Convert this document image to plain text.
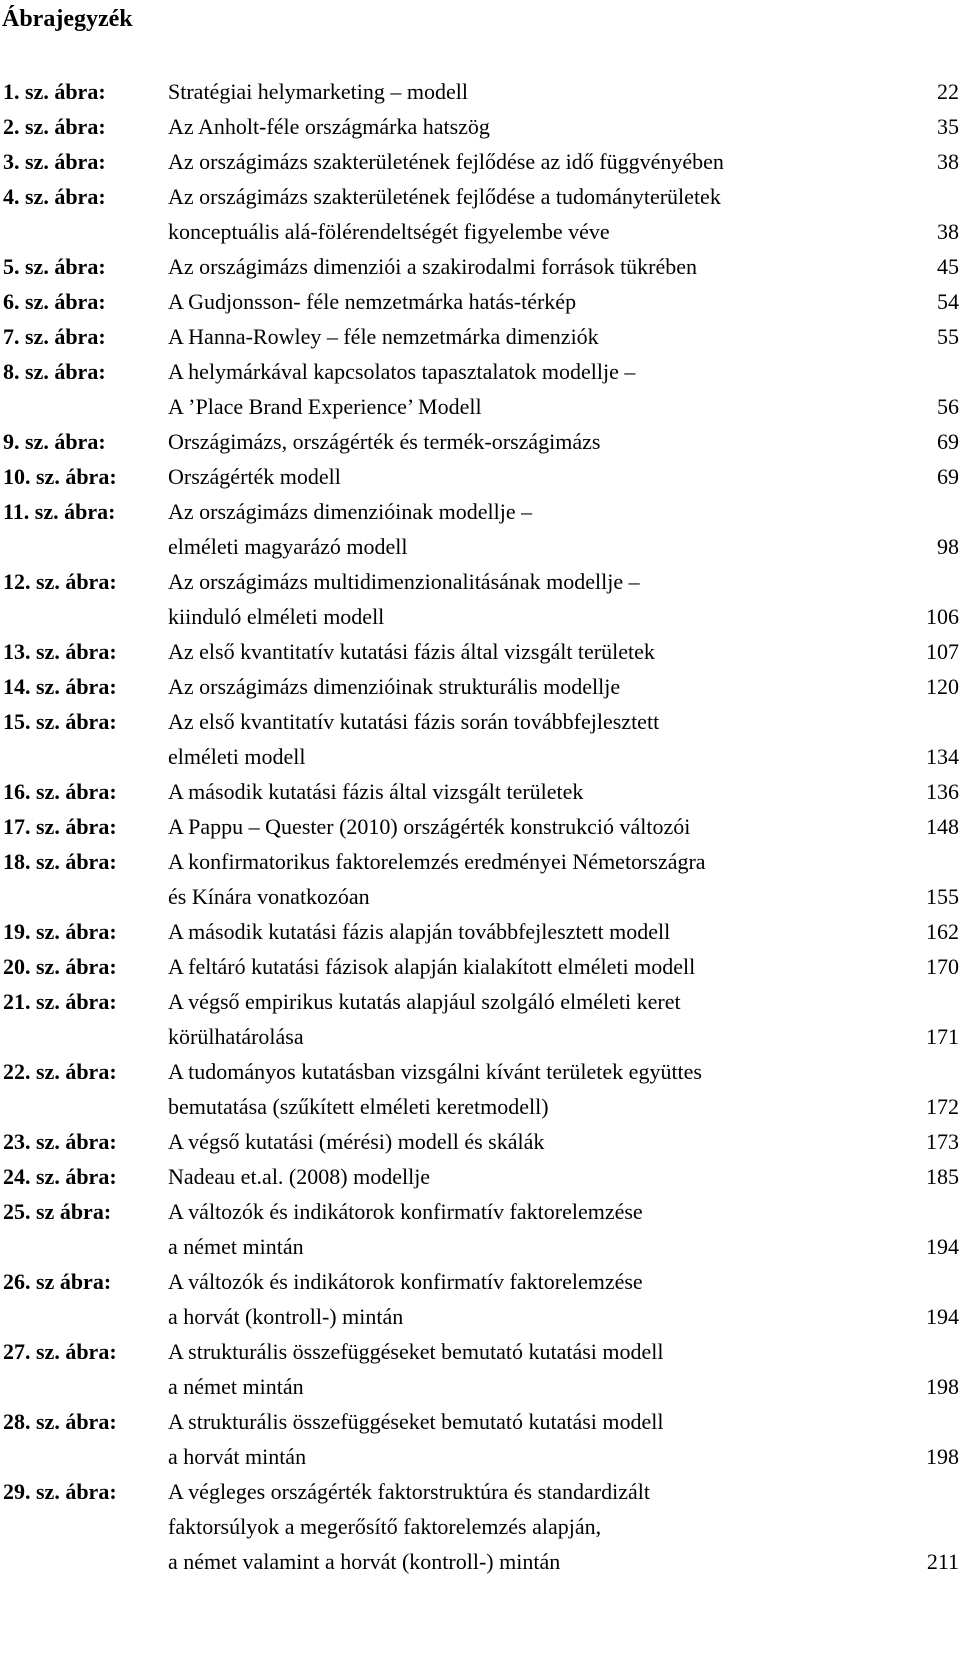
Ábrajegyzék
1. sz. ábra:	Stratégiai helymarketing – modell	22
2. sz. ábra:	Az Anholt-féle országmárka hatszög	35
3. sz. ábra:	Az országimázs szakterületének fejlődése az idő függvényében	38
4. sz. ábra:	Az országimázs szakterületének fejlődése a tudományterületek
konceptuális alá-fölérendeltségét figyelembe véve	38
5. sz. ábra:	Az országimázs dimenziói a szakirodalmi források tükrében	45
6. sz. ábra:	A Gudjonsson- féle nemzetmárka hatás-térkép	54
7. sz. ábra:	A Hanna-Rowley – féle nemzetmárka dimenziók	55
8. sz. ábra:	A helymárkával kapcsolatos tapasztalatok modellje –
A ’Place Brand Experience’ Modell	56
9. sz. ábra:	Országimázs, országérték és termék-országimázs	69
10. sz. ábra: Országérték modell	69
11. sz. ábra: Az országimázs dimenzióinak modellje –
elméleti magyarázó modell	98
12. sz. ábra: Az országimázs multidimenzionalitásának modellje –
kiinduló elméleti modell	106
13. sz. ábra: Az első kvantitatív kutatási fázis által vizsgált területek	107
14. sz. ábra: Az országimázs dimenzióinak strukturális modellje	120
15. sz. ábra: Az első kvantitatív kutatási fázis során továbbfejlesztett
elméleti modell	134
16. sz. ábra: A második kutatási fázis által vizsgált területek	136
17. sz. ábra: A Pappu – Quester (2010) országérték konstrukció változói	148
18. sz. ábra: A konfirmatorikus faktorelemzés eredményei Németországra
és Kínára vonatkozóan	155
19. sz. ábra: A második kutatási fázis alapján továbbfejlesztett modell	162
20. sz. ábra: A feltáró kutatási fázisok alapján kialakított elméleti modell	170
21. sz. ábra: A végső empirikus kutatás alapjául szolgáló elméleti keret
körülhatárolása	171
22. sz. ábra: A tudományos kutatásban vizsgálni kívánt területek együttes
bemutatása (szűkített elméleti keretmodell)	172
23. sz. ábra: A végső kutatási (mérési) modell és skálák	173
24. sz. ábra: Nadeau et.al. (2008) modellje	185
25. sz ábra:	A változók és indikátorok konfirmatív faktorelemzése
a német mintán	194
26. sz ábra:	A változók és indikátorok konfirmatív faktorelemzése
a horvát (kontroll-) mintán	194
27. sz. ábra: A strukturális összefüggéseket bemutató kutatási modell
a német mintán	198
28. sz. ábra: A strukturális összefüggéseket bemutató kutatási modell
a horvát mintán	198
29. sz. ábra: A végleges országérték faktorstruktúra és standardizált
faktorsúlyok a megerősítő faktorelemzés alapján,
a német valamint a horvát (kontroll-) mintán	211
